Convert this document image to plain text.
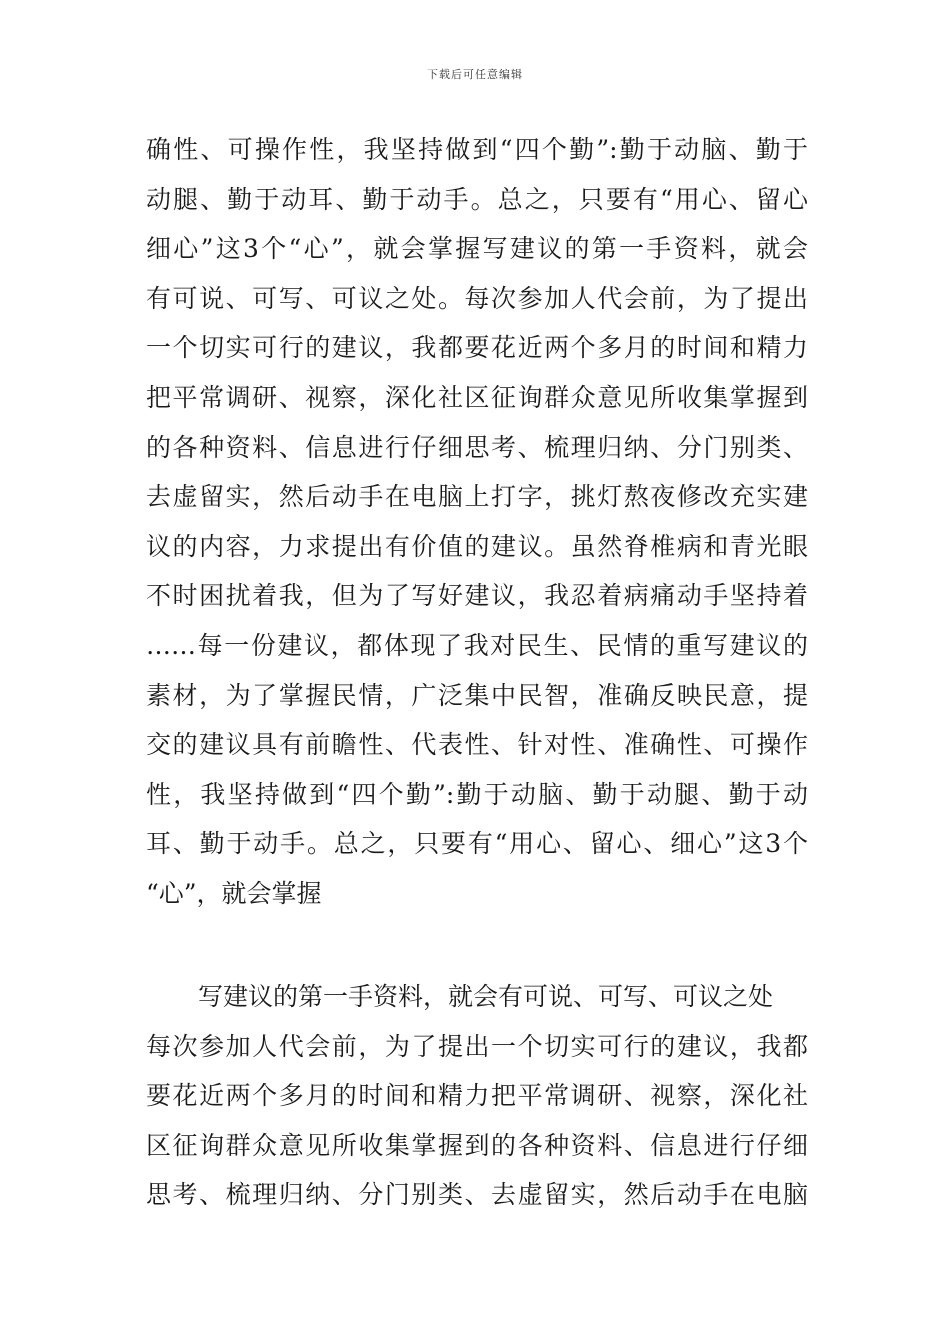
下载后可任意编辑
确性、可操作性，我坚持做到“四个勤”:勤于动脑、勤于
动腿、勤于动耳、勤于动手。总之，只要有“用心、留心
细心”这3个“心”，就会掌握写建议的第一手资料，就会
有可说、可写、可议之处。每次参加人代会前，为了提出
一个切实可行的建议，我都要花近两个多月的时间和精力
把平常调研、视察，深化社区征询群众意见所收集掌握到
的各种资料、信息进行仔细思考、梳理归纳、分门别类、
去虚留实，然后动手在电脑上打字，挑灯熬夜修改充实建
议的内容，力求提出有价值的建议。虽然脊椎病和青光眼
不时困扰着我，但为了写好建议，我忍着病痛动手坚持着
……每一份建议，都体现了我对民生、民情的重写建议的
素材，为了掌握民情，广泛集中民智，准确反映民意，提
交的建议具有前瞻性、代表性、针对性、准确性、可操作
性，我坚持做到“四个勤”:勤于动脑、勤于动腿、勤于动
耳、勤于动手。总之，只要有“用心、留心、细心”这3个
“心”，就会掌握
写建议的第一手资料，就会有可说、可写、可议之处
每次参加人代会前，为了提出一个切实可行的建议，我都
要花近两个多月的时间和精力把平常调研、视察，深化社
区征询群众意见所收集掌握到的各种资料、信息进行仔细
思考、梳理归纳、分门别类、去虚留实，然后动手在电脑
